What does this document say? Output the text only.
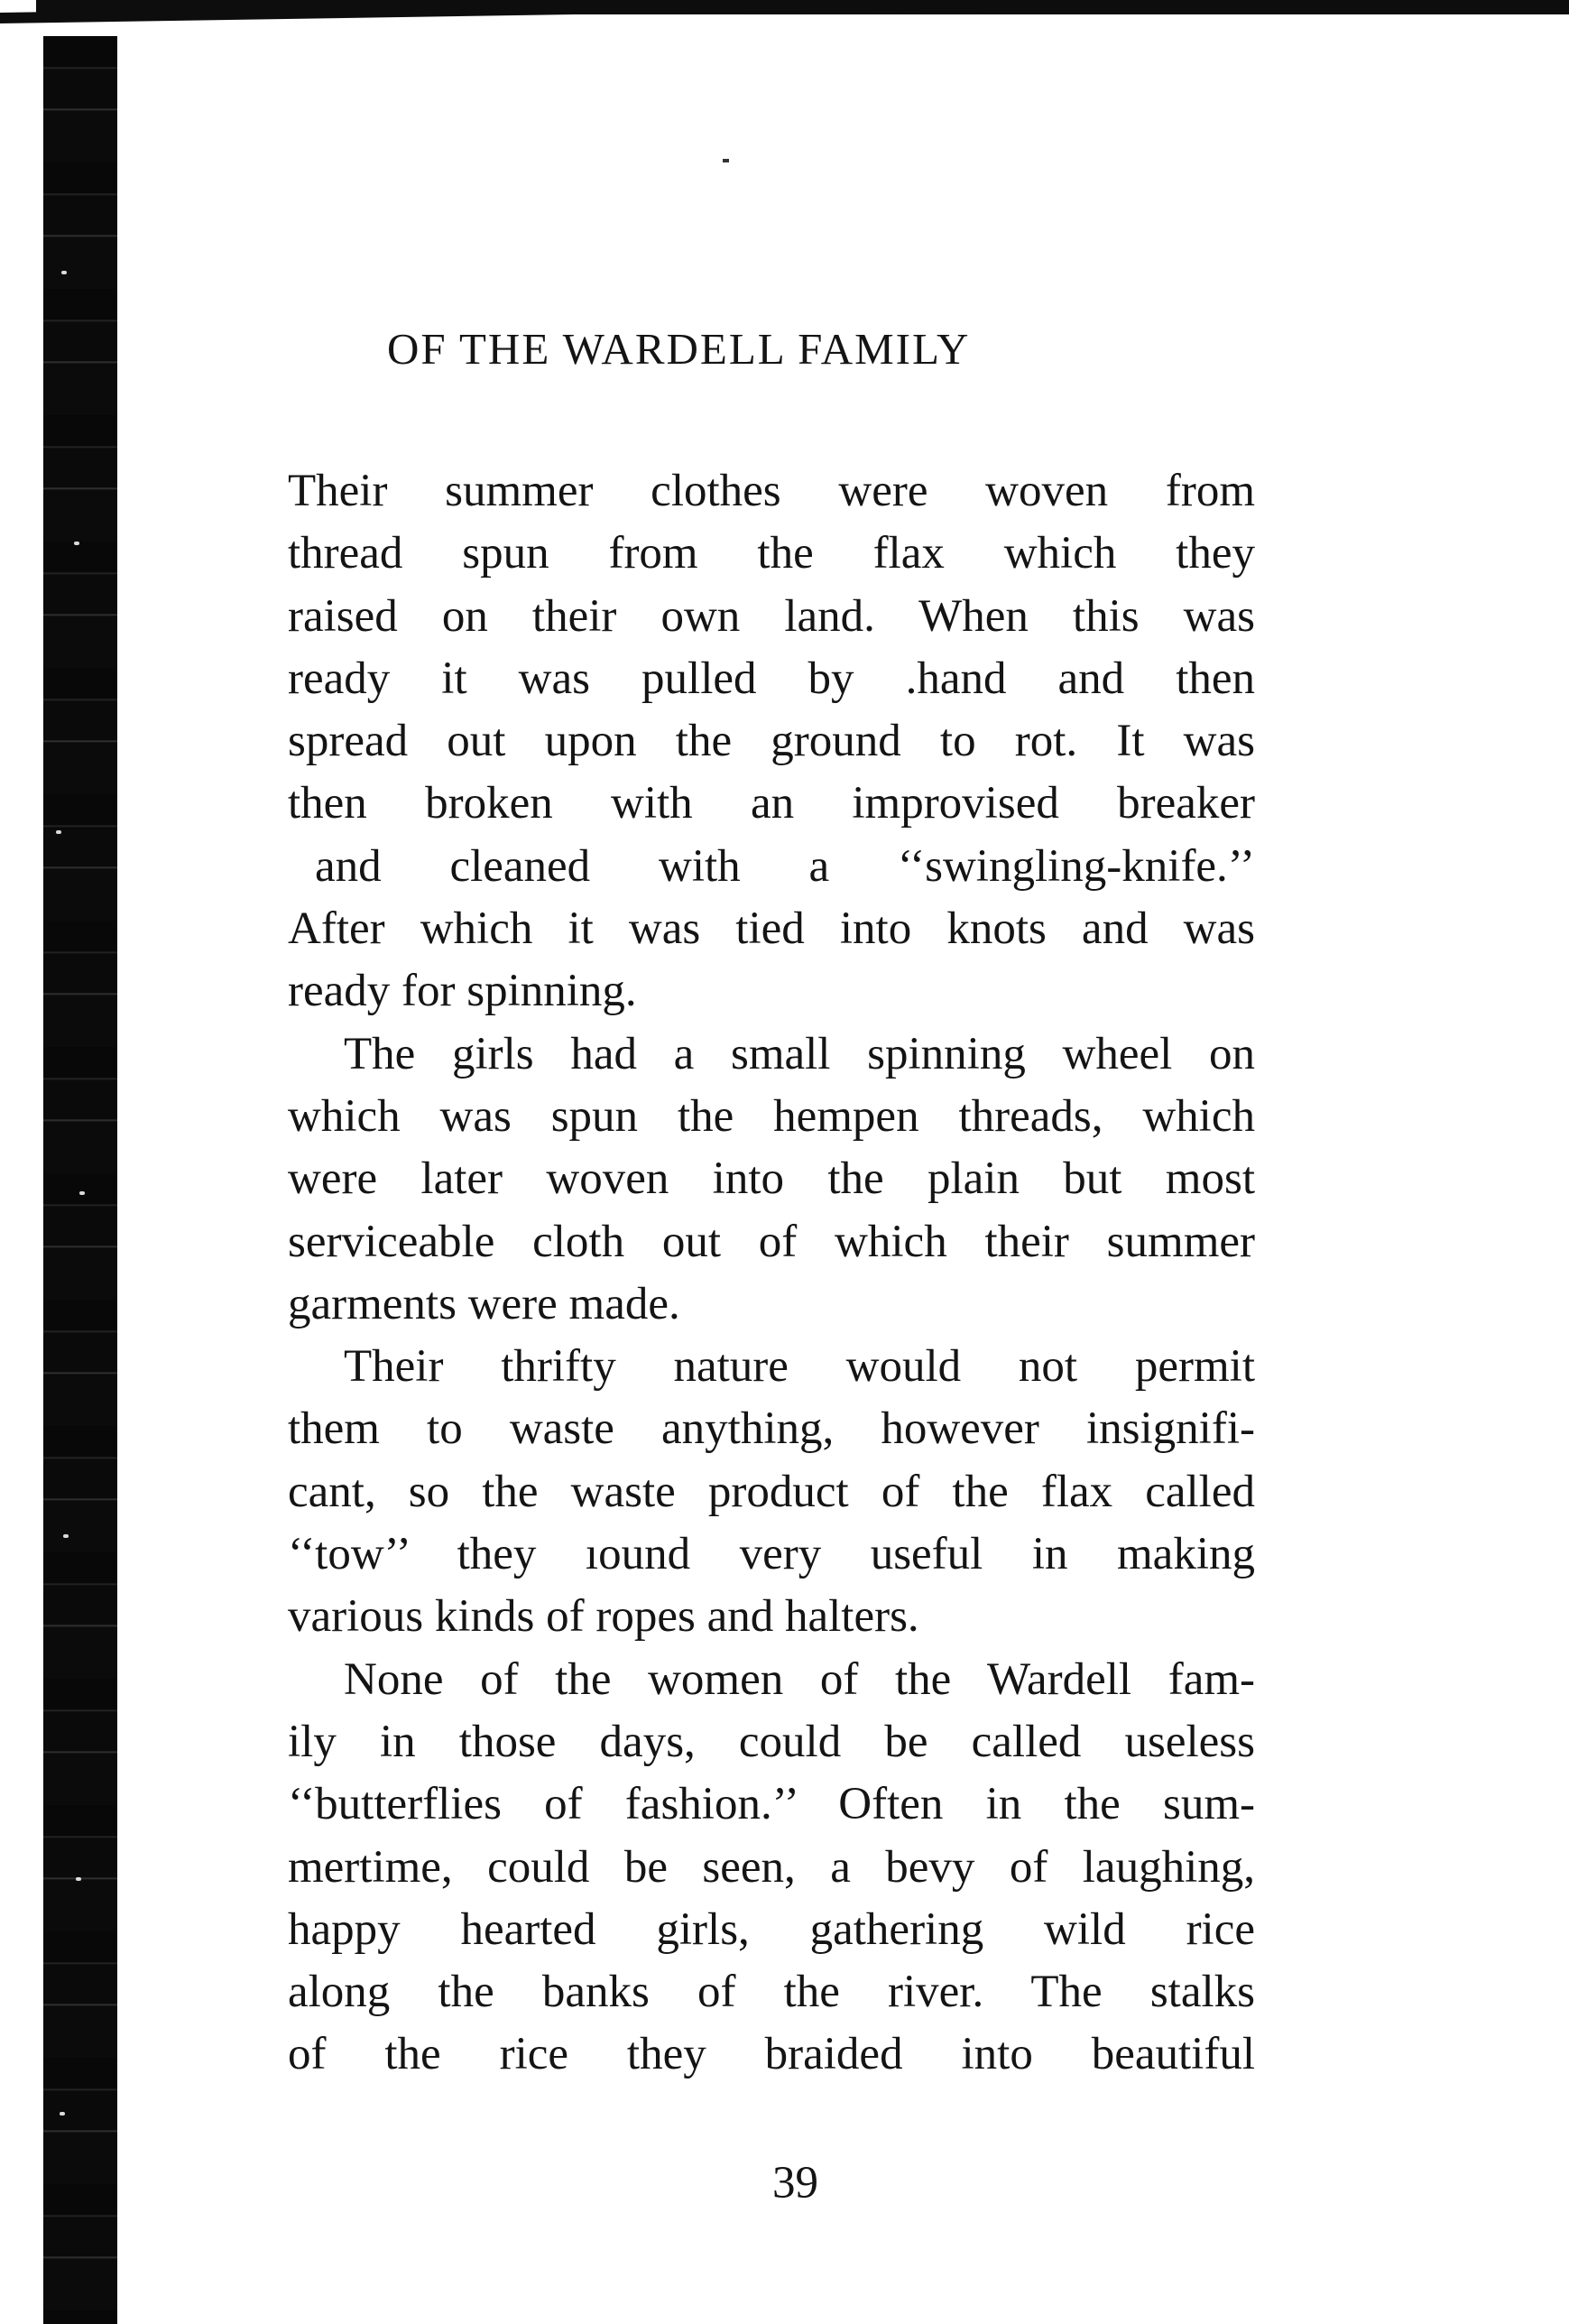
OF THE WARDELL FAMILY
Their summer clothes were woven from
thread spun from the flax which they
raised on their own land. When this was
ready it was pulled by .hand and then
spread out upon the ground to rot. It was
then broken with an improvised breaker
and cleaned with a ‘‘swingling-knife.’’
After which it was tied into knots and was
ready for spinning.
The girls had a small spinning wheel on
which was spun the hempen threads, which
were later woven into the plain but most
serviceable cloth out of which their summer
garments were made.
Their thrifty nature would not permit
them to waste anything, however insignifi-
cant, so the waste product of the flax called
‘‘tow’’ they ıound very useful in making
various kinds of ropes and halters.
None of the women of the Wardell fam-
ily in those days, could be called useless
‘‘butterflies of fashion.’’ Often in the sum-
mertime, could be seen, a bevy of laughing,
happy hearted girls, gathering wild rice
along the banks of the river. The stalks
of the rice they braided into beautiful
39
